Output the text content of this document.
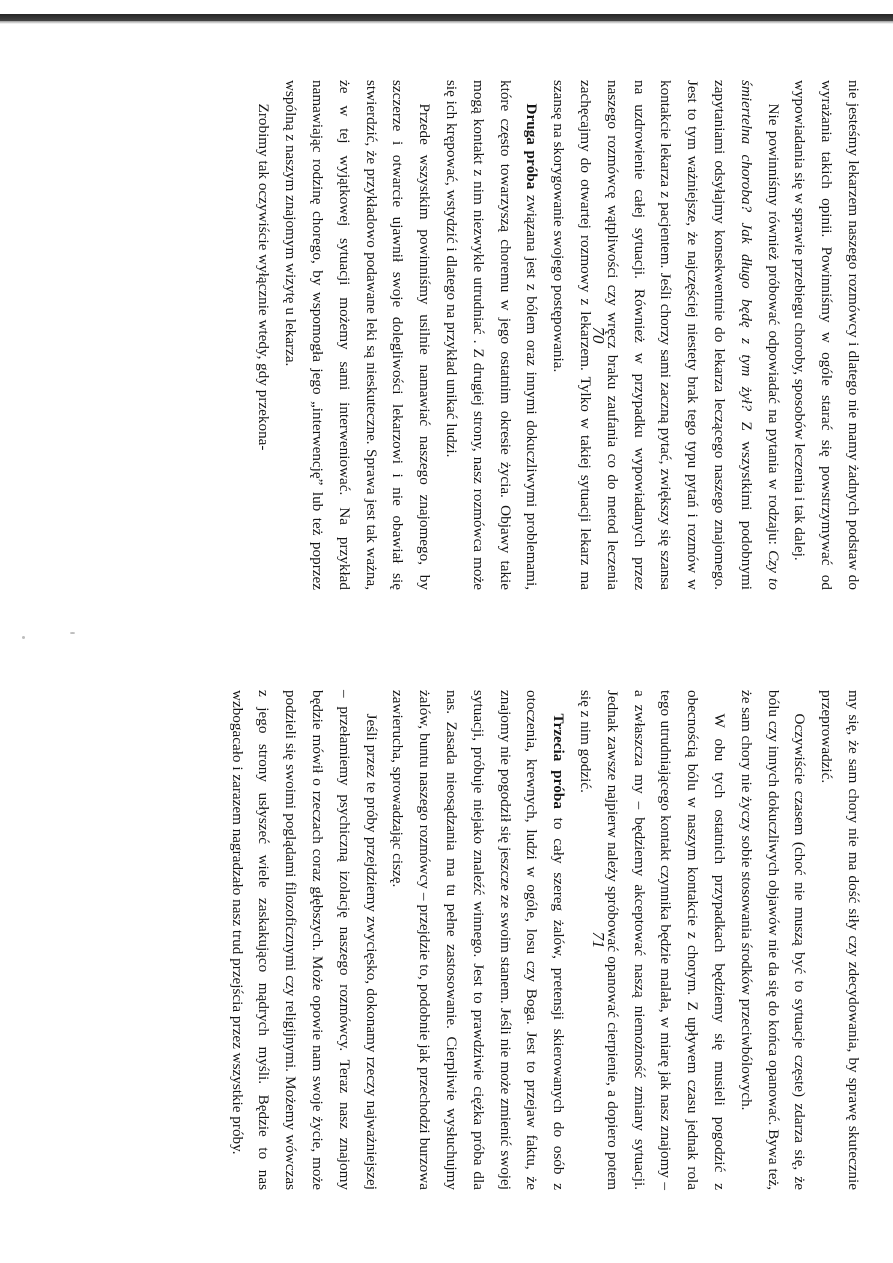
nie jesteśmy lekarzem naszego rozmówcy i dlatego nie mamy żadnych podstaw do wyrażania takich opinii. Powinniśmy w ogóle starać się powstrzymywać od wypowiadania się w sprawie przebiegu choroby, sposobów leczenia i tak dalej.

Nie powinniśmy również próbować odpowiadać na pytania w rodzaju: Czy to śmiertelna choroba? Jak długo będę z tym żył? Z wszystkimi podobnymi zapytaniami odsyłajmy konsekwentnie do lekarza leczącego naszego znajomego. Jest to tym ważniejsze, że najczęściej niestety brak tego typu pytań i rozmów w kontakcie lekarza z pacjentem. Jeśli chorzy sami zaczną pytać, zwiększy się szansa na uzdrowienie całej sytuacji. Również w przypadku wypowiadanych przez naszego rozmówcę wątpliwości czy wręcz braku zaufania co do metod leczenia zachęcajmy do otwartej rozmowy z lekarzem. Tylko w takiej sytuacji lekarz ma szansę na skorygowanie swojego postępowania.

Druga próba związana jest z bólem oraz innymi dokuczliwymi problemami, które często towarzyszą choremu w jego ostatnim okresie życia. Objawy takie mogą kontakt z nim niezwykle utrudniać . Z drugiej strony, nasz rozmówca może się ich krępować, wstydzić i dlatego na przykład unikać ludzi.

Przede wszystkim powinniśmy usilnie namawiać naszego znajomego, by szczerze i otwarcie ujawnił swoje dolegliwości lekarzowi i nie obawiał się stwierdzić, że przykładowo podawane leki są nieskuteczne. Sprawa jest tak ważna, że w tej wyjątkowej sytuacji możemy sami interweniować. Na przykład namawiając rodzinę chorego, by wspomogła jego „interwencję” lub też poprzez wspólną z naszym znajomym wizytę u lekarza.

Zrobimy tak oczywiście wyłącznie wtedy, gdy przekona-	70

my się, że sam chory nie ma dość siły czy zdecydowania, by sprawę skutecznie przeprowadzić.

Oczywiście czasem (choć nie muszą być to sytuacje częste) zdarza się, że bólu czy innych dokuczliwych objawów nie da się do końca opanować. Bywa też, że sam chory nie życzy sobie stosowania środków przeciwbólowych.

W obu tych ostatnich przypadkach będziemy się musieli pogodzić z obecnością bólu w naszym kontakcie z chorym. Z upływem czasu jednak rola tego utrudniającego kontakt czynnika będzie malała, w miarę jak nasz znajomy – a zwłaszcza my – będziemy akceptować naszą niemożność zmiany sytuacji. Jednak zawsze najpierw należy spróbować opanować cierpienie, a dopiero potem się z nim godzić.

Trzecia próba to cały szereg żalów, pretensji skierowanych do osób z otoczenia, krewnych, ludzi w ogóle, losu czy Boga. Jest to przejaw faktu, że znajomy nie pogodził się jeszcze ze swoim stanem. Jeśli nie może zmienić swojej sytuacji, próbuje niejako znaleźć winnego. Jest to prawdziwie ciężka próba dla nas. Zasada nieosądzania ma tu pełne zastosowanie. Cierpliwie wysłuchujmy żalów, buntu naszego rozmówcy – przejdzie to, podobnie jak przechodzi burzowa zawierucha, sprowadzając ciszę.

Jeśli przez te próby przejdziemy zwycięsko, dokonamy rzeczy najważniejszej – przełamiemy psychiczną izolację naszego rozmówcy. Teraz nasz znajomy będzie mówił o rzeczach coraz głębszych. Może opowie nam swoje życie, może podzieli się swoimi poglądami filozoficznymi czy religijnymi. Możemy wówczas z jego strony usłyszeć wiele zaskakująco mądrych myśli. Będzie to nas wzbogacało i zarazem nagradzało nasz trud przejścia przez wszystkie próby.	71
